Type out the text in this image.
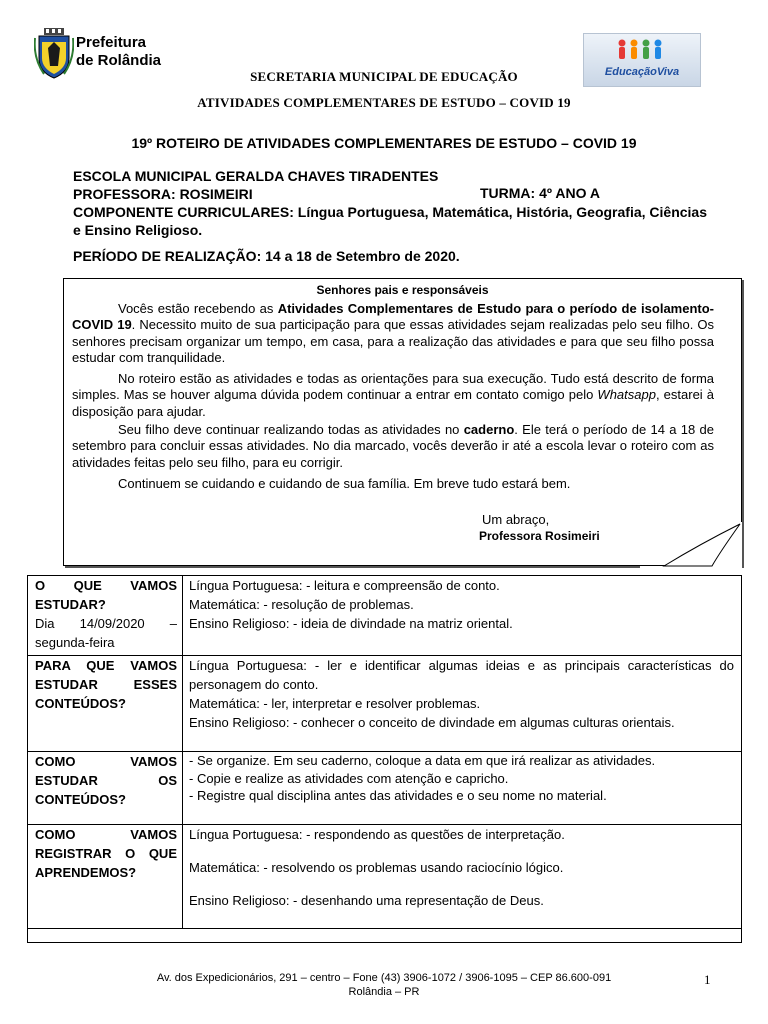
Prefeitura
de Rolândia
EducaçãoViva
SECRETARIA MUNICIPAL DE EDUCAÇÃO
ATIVIDADES COMPLEMENTARES DE ESTUDO – COVID 19
19º ROTEIRO DE ATIVIDADES COMPLEMENTARES DE ESTUDO – COVID 19
ESCOLA MUNICIPAL GERALDA CHAVES TIRADENTES
PROFESSORA: ROSIMEIRI	TURMA: 4º ANO A
COMPONENTE CURRICULARES: Língua Portuguesa, Matemática, História, Geografia, Ciências e Ensino Religioso.
PERÍODO DE REALIZAÇÃO: 14 a 18 de Setembro de 2020.
Senhores pais e responsáveis

Vocês estão recebendo as Atividades Complementares de Estudo para o período de isolamento-COVID 19. Necessito muito de sua participação para que essas atividades sejam realizadas pelo seu filho. Os senhores precisam organizar um tempo, em casa, para a realização das atividades e para que seu filho possa estudar com tranquilidade.

No roteiro estão as atividades e todas as orientações para sua execução. Tudo está descrito de forma simples. Mas se houver alguma dúvida podem continuar a entrar em contato comigo pelo Whatsapp, estarei à disposição para ajudar.

Seu filho deve continuar realizando todas as atividades no caderno. Ele terá o período de 14 a 18 de setembro para concluir essas atividades. No dia marcado, vocês deverão ir até a escola levar o roteiro com as atividades feitas pelo seu filho, para eu corrigir.

Continuem se cuidando e cuidando de sua família. Em breve tudo estará bem.

Um abraço,
Professora Rosimeiri
O QUE VAMOS ESTUDAR?
Dia 14/09/2020 – segunda-feira
Língua Portuguesa: - leitura e compreensão de conto.
Matemática: - resolução de problemas.
Ensino Religioso: - ideia de divindade na matriz oriental.
PARA QUE VAMOS ESTUDAR ESSES CONTEÚDOS?
Língua Portuguesa: - ler e identificar algumas ideias e as principais características do personagem do conto.
Matemática: - ler, interpretar e resolver problemas.
Ensino Religioso: - conhecer o conceito de divindade em algumas culturas orientais.
COMO VAMOS ESTUDAR OS CONTEÚDOS?
- Se organize. Em seu caderno, coloque a data em que irá realizar as atividades.
- Copie e realize as atividades com atenção e capricho.
- Registre qual disciplina antes das atividades e o seu nome no material.
COMO VAMOS REGISTRAR O QUE APRENDEMOS?
Língua Portuguesa: - respondendo as questões de interpretação.
Matemática: - resolvendo os problemas usando raciocínio lógico.
Ensino Religioso: - desenhando uma representação de Deus.
Av. dos Expedicionários, 291 – centro – Fone (43) 3906-1072 / 3906-1095 – CEP 86.600-091
Rolândia – PR
1
